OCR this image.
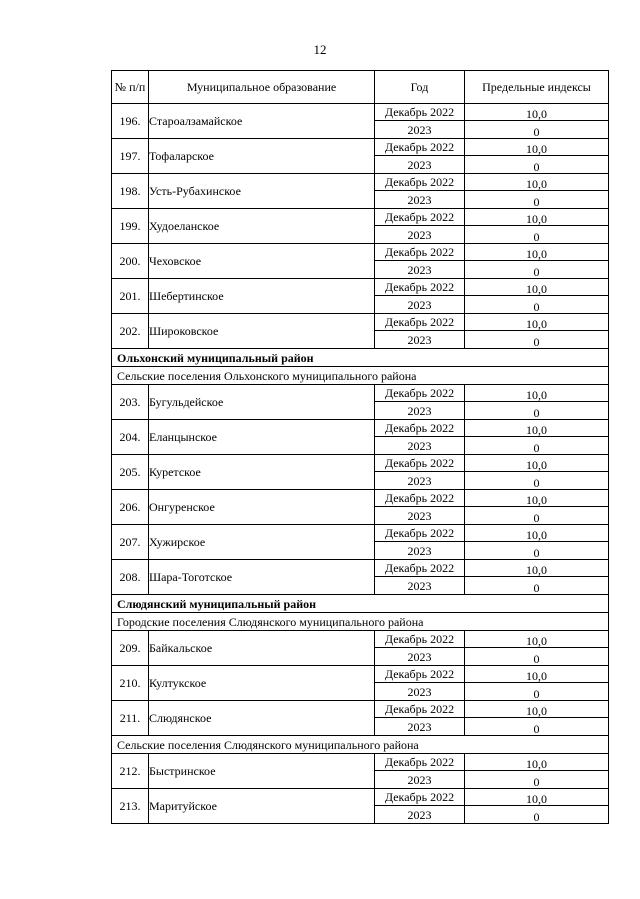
12
№ п/п	Муниципальное образование	Год	Предельные индексы
196.	Староалзамайское	Декабрь 2022	10,0
		2023	0
197.	Тофаларское	Декабрь 2022	10,0
		2023	0
198.	Усть-Рубахинское	Декабрь 2022	10,0
		2023	0
199.	Худоеланское	Декабрь 2022	10,0
		2023	0
200.	Чеховское	Декабрь 2022	10,0
		2023	0
201.	Шебертинское	Декабрь 2022	10,0
		2023	0
202.	Широковское	Декабрь 2022	10,0
		2023	0
Ольхонский муниципальный район			
Сельские поселения Ольхонского муниципального района			
203.	Бугульдейское	Декабрь 2022	10,0
		2023	0
204.	Еланцынское	Декабрь 2022	10,0
		2023	0
205.	Куретское	Декабрь 2022	10,0
		2023	0
206.	Онгуренское	Декабрь 2022	10,0
		2023	0
207.	Хужирское	Декабрь 2022	10,0
		2023	0
208.	Шара-Тоготское	Декабрь 2022	10,0
		2023	0
Слюдянский муниципальный район			
Городские поселения Слюдянского муниципального района			
209.	Байкальское	Декабрь 2022	10,0
		2023	0
210.	Култукское	Декабрь 2022	10,0
		2023	0
211.	Слюдянское	Декабрь 2022	10,0
		2023	0
Сельские поселения Слюдянского муниципального района			
212.	Быстринское	Декабрь 2022	10,0
		2023	0
213.	Маритуйское	Декабрь 2022	10,0
		2023	0
